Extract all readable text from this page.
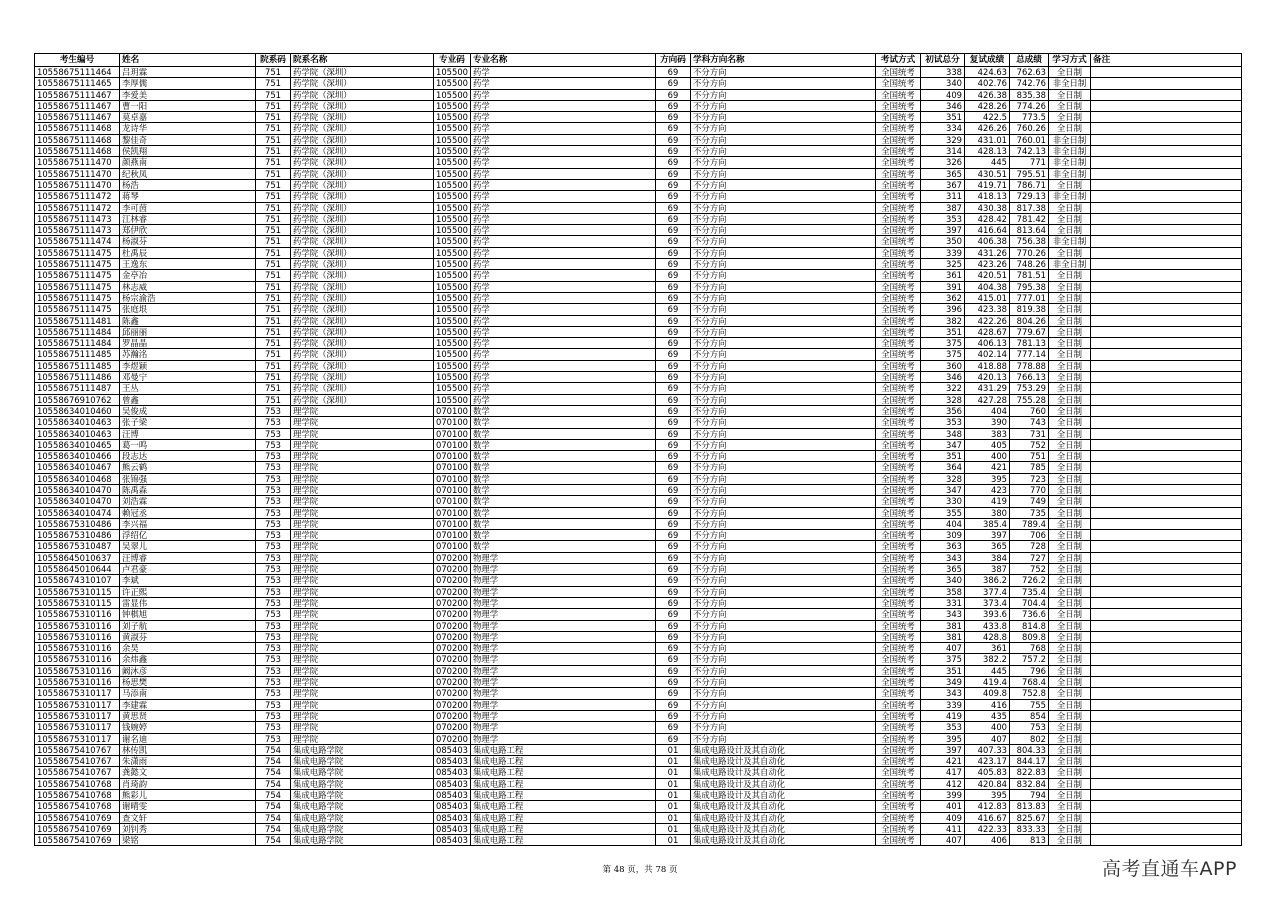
考生编号	姓名	院系码	院系名称	专业码	专业名称	方向码	学科方向名称	考试方式	初试总分	复试成绩	总成绩	学习方式	备注
10558675111464	吕玥霖	751	药学院（深圳）	105500	药学	69	不分方向	全国统考	338	424.63	762.63	全日制	
10558675111465	李厚儒	751	药学院（深圳）	105500	药学	69	不分方向	全国统考	340	402.76	742.76	非全日制	
10558675111467	李爱美	751	药学院（深圳）	105500	药学	69	不分方向	全国统考	409	426.38	835.38	全日制	
10558675111467	曹一阳	751	药学院（深圳）	105500	药学	69	不分方向	全国统考	346	428.26	774.26	全日制	
10558675111467	莫卓嘉	751	药学院（深圳）	105500	药学	69	不分方向	全国统考	351	422.5	773.5	全日制	
10558675111468	龙诗华	751	药学院（深圳）	105500	药学	69	不分方向	全国统考	334	426.26	760.26	全日制	
10558675111468	黎佳奇	751	药学院（深圳）	105500	药学	69	不分方向	全国统考	329	431.01	760.01	非全日制	
10558675111468	侯凯翔	751	药学院（深圳）	105500	药学	69	不分方向	全国统考	314	428.13	742.13	非全日制	
10558675111470	颜燕南	751	药学院（深圳）	105500	药学	69	不分方向	全国统考	326	445	771	非全日制	
10558675111470	纪秋凤	751	药学院（深圳）	105500	药学	69	不分方向	全国统考	365	430.51	795.51	非全日制	
10558675111470	杨浩	751	药学院（深圳）	105500	药学	69	不分方向	全国统考	367	419.71	786.71	全日制	
10558675111472	蒋琴	751	药学院（深圳）	105500	药学	69	不分方向	全国统考	311	418.13	729.13	非全日制	
10558675111472	李可茵	751	药学院（深圳）	105500	药学	69	不分方向	全国统考	387	430.38	817.38	全日制	
10558675111473	江林睿	751	药学院（深圳）	105500	药学	69	不分方向	全国统考	353	428.42	781.42	全日制	
10558675111473	郑伊欣	751	药学院（深圳）	105500	药学	69	不分方向	全国统考	397	416.64	813.64	全日制	
10558675111474	杨淑芬	751	药学院（深圳）	105500	药学	69	不分方向	全国统考	350	406.38	756.38	非全日制	
10558675111475	杜禹辰	751	药学院（深圳）	105500	药学	69	不分方向	全国统考	339	431.26	770.26	全日制	
10558675111475	王逸东	751	药学院（深圳）	105500	药学	69	不分方向	全国统考	325	423.26	748.26	非全日制	
10558675111475	金亭冶	751	药学院（深圳）	105500	药学	69	不分方向	全国统考	361	420.51	781.51	全日制	
10558675111475	林志威	751	药学院（深圳）	105500	药学	69	不分方向	全国统考	391	404.38	795.38	全日制	
10558675111475	杨宗渝浩	751	药学院（深圳）	105500	药学	69	不分方向	全国统考	362	415.01	777.01	全日制	
10558675111475	张庭垠	751	药学院（深圳）	105500	药学	69	不分方向	全国统考	396	423.38	819.38	全日制	
10558675111481	陈鑫	751	药学院（深圳）	105500	药学	69	不分方向	全国统考	382	422.26	804.26	全日制	
10558675111484	邱丽丽	751	药学院（深圳）	105500	药学	69	不分方向	全国统考	351	428.67	779.67	全日制	
10558675111484	罗晶晶	751	药学院（深圳）	105500	药学	69	不分方向	全国统考	375	406.13	781.13	全日制	
10558675111485	苏瀚洺	751	药学院（深圳）	105500	药学	69	不分方向	全国统考	375	402.14	777.14	全日制	
10558675111485	李煜颖	751	药学院（深圳）	105500	药学	69	不分方向	全国统考	360	418.88	778.88	全日制	
10558675111486	邓曼宁	751	药学院（深圳）	105500	药学	69	不分方向	全国统考	346	420.13	766.13	全日制	
10558675111487	王丛	751	药学院（深圳）	105500	药学	69	不分方向	全国统考	322	431.29	753.29	全日制	
10558676910762	曾鑫	751	药学院（深圳）	105500	药学	69	不分方向	全国统考	328	427.28	755.28	全日制	
10558634010460	吴俊成	753	理学院	070100	数学	69	不分方向	全国统考	356	404	760	全日制	
10558634010463	张子梁	753	理学院	070100	数学	69	不分方向	全国统考	353	390	743	全日制	
10558634010463	汪博	753	理学院	070100	数学	69	不分方向	全国统考	348	383	731	全日制	
10558634010465	葛一鸣	753	理学院	070100	数学	69	不分方向	全国统考	347	405	752	全日制	
10558634010466	段志达	753	理学院	070100	数学	69	不分方向	全国统考	351	400	751	全日制	
10558634010467	熊云鹤	753	理学院	070100	数学	69	不分方向	全国统考	364	421	785	全日制	
10558634010468	张锦强	753	理学院	070100	数学	69	不分方向	全国统考	328	395	723	全日制	
10558634010470	陈禹森	753	理学院	070100	数学	69	不分方向	全国统考	347	423	770	全日制	
10558634010470	刘浩霖	753	理学院	070100	数学	69	不分方向	全国统考	330	419	749	全日制	
10558634010474	赖冠丞	753	理学院	070100	数学	69	不分方向	全国统考	355	380	735	全日制	
10558675310486	李兴福	753	理学院	070100	数学	69	不分方向	全国统考	404	385.4	789.4	全日制	
10558675310486	浮绍亿	753	理学院	070100	数学	69	不分方向	全国统考	309	397	706	全日制	
10558675310487	吴翠儿	753	理学院	070100	数学	69	不分方向	全国统考	363	365	728	全日制	
10558645010637	汪博睿	753	理学院	070200	物理学	69	不分方向	全国统考	343	384	727	全日制	
10558645010644	卢君豪	753	理学院	070200	物理学	69	不分方向	全国统考	365	387	752	全日制	
10558674310107	李斌	753	理学院	070200	物理学	69	不分方向	全国统考	340	386.2	726.2	全日制	
10558675310115	许正熙	753	理学院	070200	物理学	69	不分方向	全国统考	358	377.4	735.4	全日制	
10558675310115	雷显伟	753	理学院	070200	物理学	69	不分方向	全国统考	331	373.4	704.4	全日制	
10558675310116	钟棋旭	753	理学院	070200	物理学	69	不分方向	全国统考	343	393.6	736.6	全日制	
10558675310116	刘子航	753	理学院	070200	物理学	69	不分方向	全国统考	381	433.8	814.8	全日制	
10558675310116	黄淑芬	753	理学院	070200	物理学	69	不分方向	全国统考	381	428.8	809.8	全日制	
10558675310116	余昊	753	理学院	070200	物理学	69	不分方向	全国统考	407	361	768	全日制	
10558675310116	余炜鑫	753	理学院	070200	物理学	69	不分方向	全国统考	375	382.2	757.2	全日制	
10558675310116	阚沐彦	753	理学院	070200	物理学	69	不分方向	全国统考	351	445	796	全日制	
10558675310116	杨思樊	753	理学院	070200	物理学	69	不分方向	全国统考	349	419.4	768.4	全日制	
10558675310117	马添南	753	理学院	070200	物理学	69	不分方向	全国统考	343	409.8	752.8	全日制	
10558675310117	李建霖	753	理学院	070200	物理学	69	不分方向	全国统考	339	416	755	全日制	
10558675310117	黄思贤	753	理学院	070200	物理学	69	不分方向	全国统考	419	435	854	全日制	
10558675310117	钱婉婷	753	理学院	070200	物理学	69	不分方向	全国统考	353	400	753	全日制	
10558675310117	谢名迪	753	理学院	070200	物理学	69	不分方向	全国统考	395	407	802	全日制	
10558675410767	林传凯	754	集成电路学院	085403	集成电路工程	01	集成电路设计及其自动化	全国统考	397	407.33	804.33	全日制	
10558675410767	朱潇雨	754	集成电路学院	085403	集成电路工程	01	集成电路设计及其自动化	全国统考	421	423.17	844.17	全日制	
10558675410767	龚懿文	754	集成电路学院	085403	集成电路工程	01	集成电路设计及其自动化	全国统考	417	405.83	822.83	全日制	
10558675410768	肖琦韵	754	集成电路学院	085403	集成电路工程	01	集成电路设计及其自动化	全国统考	412	420.84	832.84	全日制	
10558675410768	熊彩儿	754	集成电路学院	085403	集成电路工程	01	集成电路设计及其自动化	全国统考	399	395	794	全日制	
10558675410768	谢晴雯	754	集成电路学院	085403	集成电路工程	01	集成电路设计及其自动化	全国统考	401	412.83	813.83	全日制	
10558675410769	查文轩	754	集成电路学院	085403	集成电路工程	01	集成电路设计及其自动化	全国统考	409	416.67	825.67	全日制	
10558675410769	刘钊秀	754	集成电路学院	085403	集成电路工程	01	集成电路设计及其自动化	全国统考	411	422.33	833.33	全日制	
10558675410769	梁铭	754	集成电路学院	085403	集成电路工程	01	集成电路设计及其自动化	全国统考	407	406	813	全日制	
第 48 页，共 78 页	高考直通车APP
